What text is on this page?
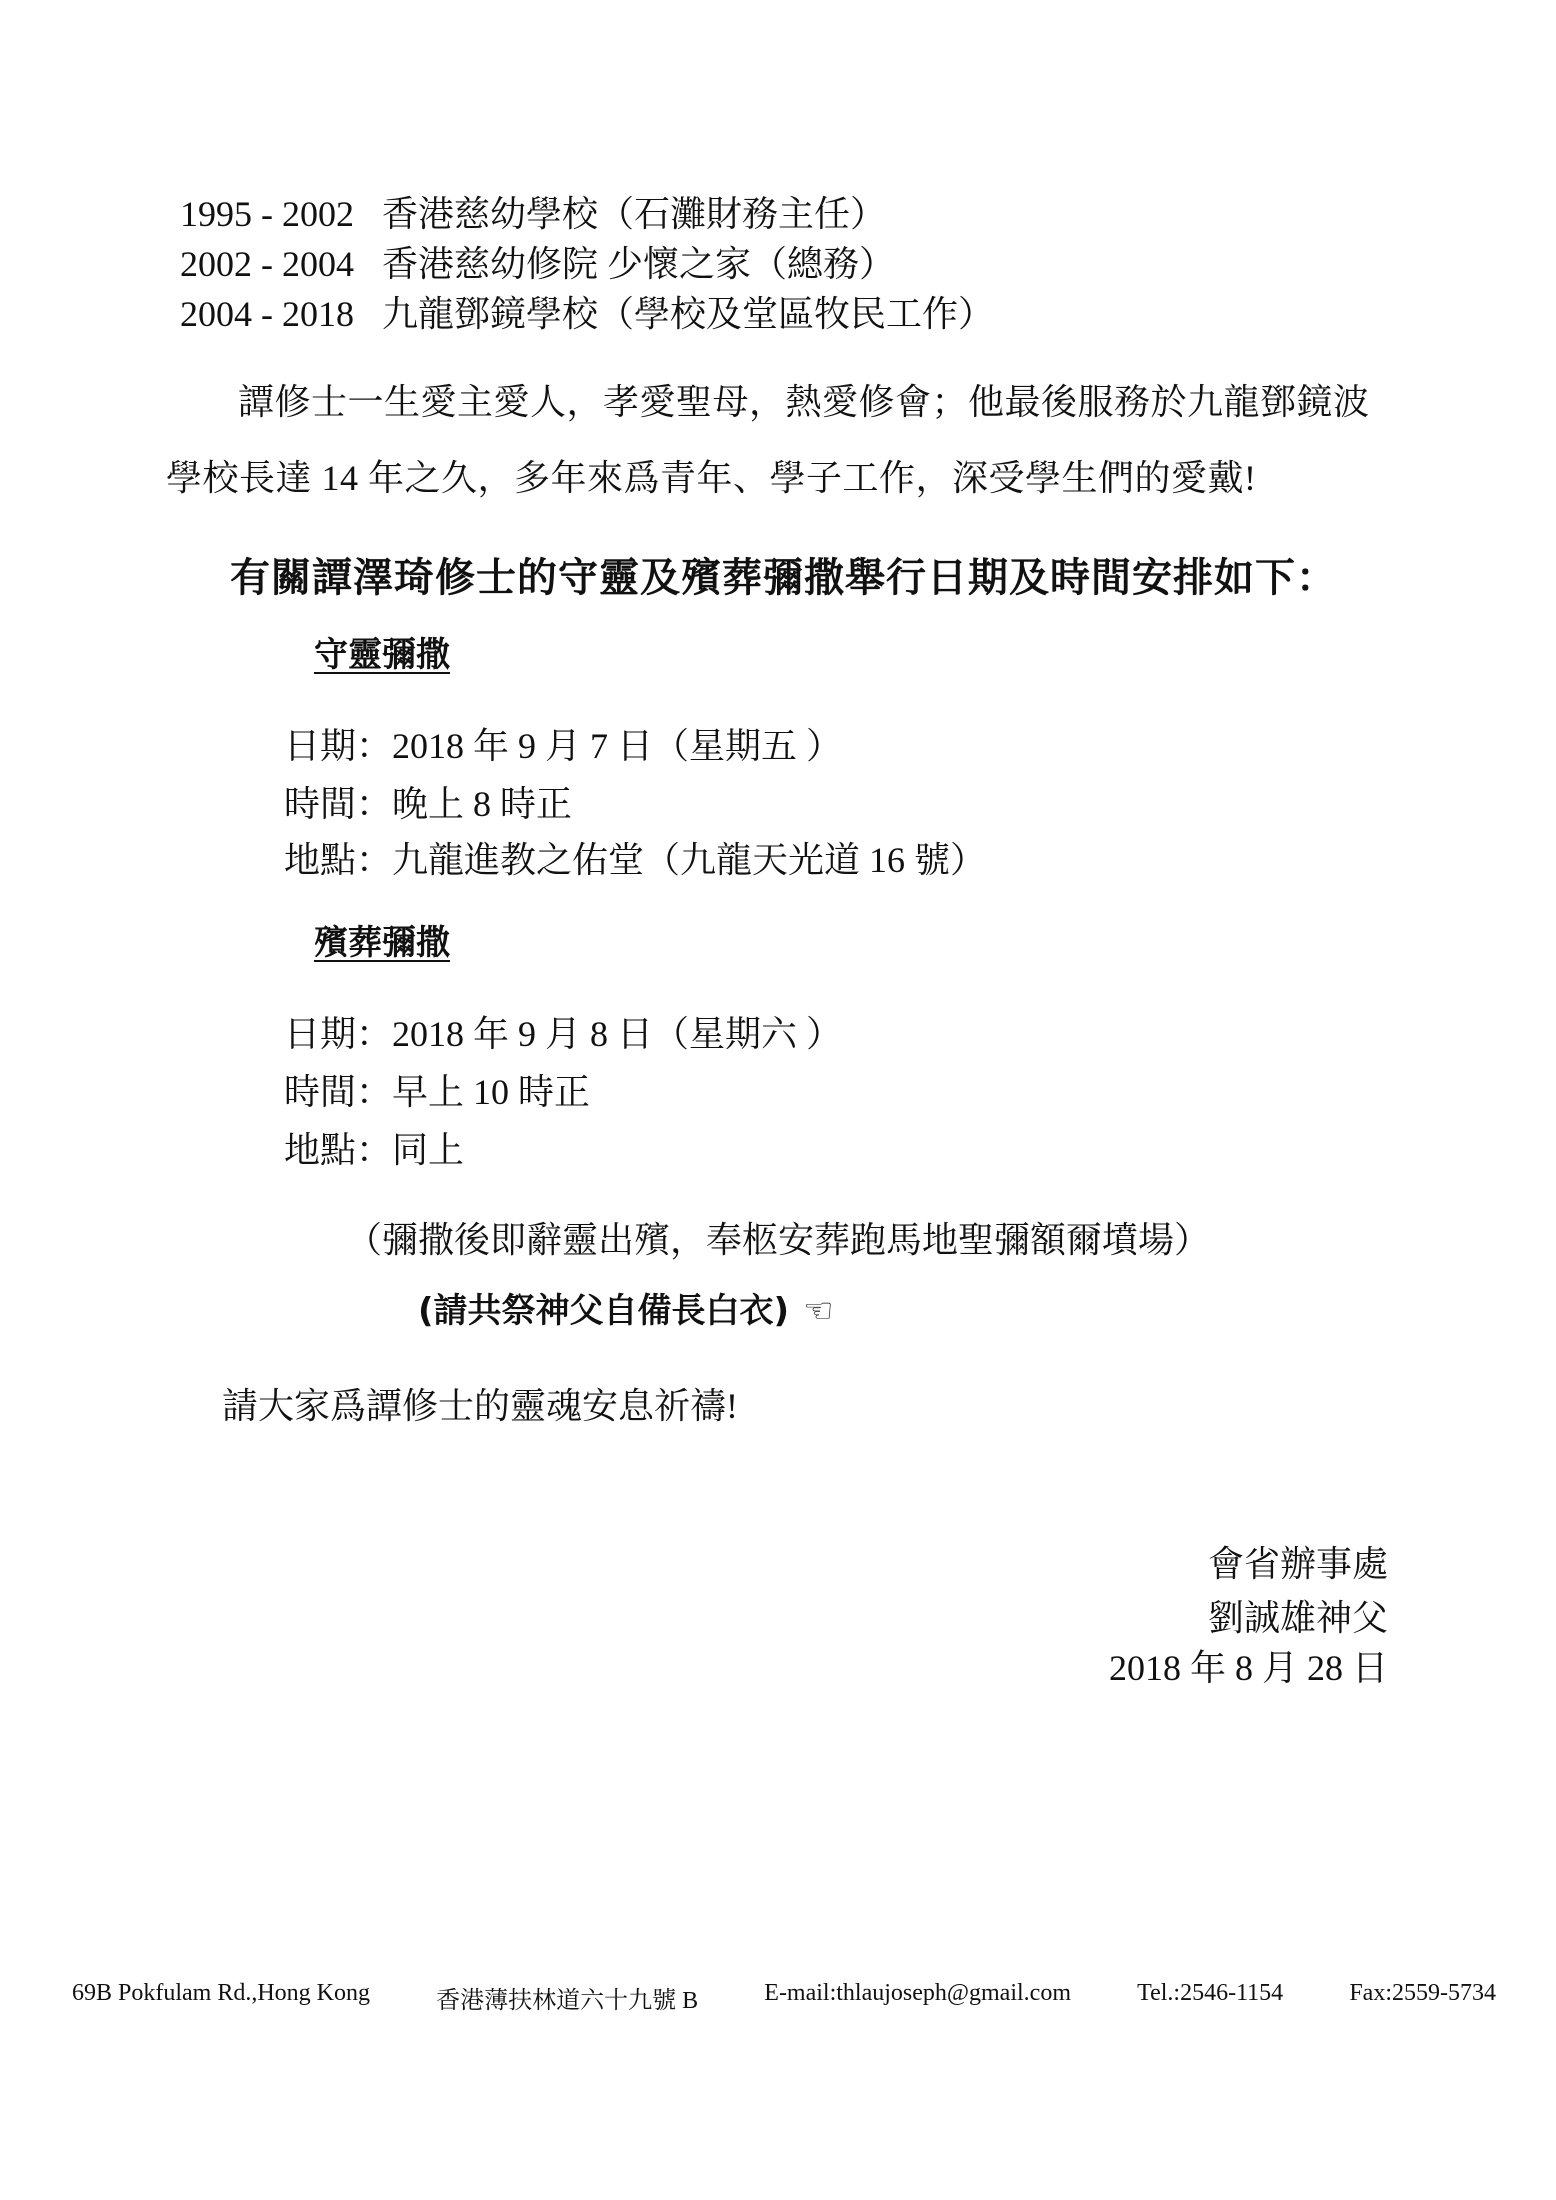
1995 - 2002 香港慈幼學校（石灘財務主任）
2002 - 2004 香港慈幼修院 少懷之家（總務）
2004 - 2018 九龍鄧鏡學校（學校及堂區牧民工作）
譚修士一生愛主愛人，孝愛聖母，熱愛修會；他最後服務於九龍鄧鏡波
學校長達 14 年之久，多年來爲青年、學子工作，深受學生們的愛戴!
有關譚澤琦修士的守靈及殯葬彌撒舉行日期及時間安排如下：
守靈彌撒
日期：2018 年 9 月 7 日（星期五 ）
時間：晚上 8 時正
地點：九龍進教之佑堂（九龍天光道 16 號）
殯葬彌撒
日期：2018 年 9 月 8 日（星期六 ）
時間：早上 10 時正
地點：同上
（彌撒後即辭靈出殯，奉柩安葬跑馬地聖彌額爾墳場）
(請共祭神父自備長白衣) ☜
請大家爲譚修士的靈魂安息祈禱!
會省辦事處
劉誠雄神父
2018 年 8 月 28 日
69B Pokfulam Rd.,Hong Kong	香港薄扶林道六十九號 B	E-mail:thlaujoseph@gmail.com	Tel.:2546-1154	Fax:2559-5734
